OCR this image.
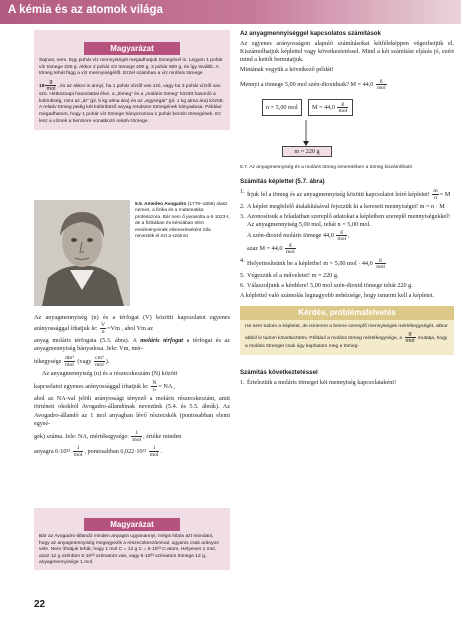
A kémia és az atomok világa
Magyarázat

Sajnos, nem. Egy pohár víz mennyiségét megadhatjuk tömegével is. Legyen 1 pohár víz tömege 200 g. Akkor 2 pohár víz tömege 400 g, 3 pohár 600 g, és így tovább. A tömeg tehát függ a víz mennyiségétől. Ezzel számban a víz moláris tömege

$18 \frac{g}{\text{mol}}$ , és az akkor is annyi, ha 1 pohár vízről van szó, vagy ha 3 pohár vízről van szó. Hétköznapi hasonlattal élve, a „tömeg” és a „moláris tömeg” között hasonló a különbség, mint az „ár” (pl. 5 kg alma ára) és az „egységár” (pl. 1 kg alma ára) között. A relatív tömeg pedig két különböző anyag rendszer tömegének hányadosa. Például megadhatom, hogy 1 pohár víz tömege hányszorosa 1 pohár benzin tömegének. Ez lesz a víznek a benzinre vonatkozó relatív tömege.

5.5. Amedeo Avogadro (1776–1856) olasz nemes, a fizika és a matematika professzora. Bár nem ő javasolta a 6·1023-t, de a fizikában és kémiában elért eredményeinek elismeréseként róla nevezték el ezt a számot
Az anyagmennyiség (n) és a térfogat (V) közötti kapcsolatot egyenes arányossággal írhatjuk le: $\frac{V}{n} =Vm$ , ahol Vm az
anyag moláris térfogata (5.3. ábra). A moláris térfogat a térfogat és az anyagmennyiség hányadosa. Jele: Vm, mér-
tékegysége $\frac{\text{dm³}}{\text{mol}}$ (vagy $\frac{\text{cm³}}{\text{mol}}$ ).
Az anyagmennyiség (n) és a részecskeszám (N) között
kapcsolatot egyenes arányossággal írhatjuk le: $\frac{N}{n}$ = NA ,
ahol az NA-val jelölt arányossági tényező a moláris részecskeszám, amit történeti okokból Avogadro-állandónak nevezünk (5.4. és 5.5. ábrák). Az Avogadro-állandó az 1 mol anyagban lévő részecskék (pontosabban elemi egysé-
gek) száma. Jele: NA, mértékegysége: $\frac{1}{\text{mol}}$ , értéke minden
anyagra $6\cdot 10^{23} \frac{1}{\text{mol}}$ , pontosabban $6,022\cdot 10^{23} \frac{1}{\text{mol}}$ .
Magyarázat
Bár az Avogadro-állandó minden anyagra ugyanannyi, mégis hibás azt mondani, hogy az anyagmennyiség megegyezik a részecskeszámmal, ugyanis csak arányos vele. Nem írhatjuk tehát, hogy 1 mol C = 12 g C = 6·10²³ C-atom. Helyesen 1 mol, azaz 12 g szénben 6·10²³ szénatom van, vagy 6·10²³ szénatom tömege 12 g, anyagmennyisége 1 mol.
Az anyagmennyiséggel kapcsolatos számítások
Az egyenes arányosságon alapuló számításokat kétféleképpen végezhetjük el. Kiszámolhatjuk képlettel vagy következtetéssel. Mind a két számítást eljárás jó, ezért mind a kettőt bemutatjuk.
Mintának vegyük a következő példát!
Mennyi a tömege 5,00 mol szén-dioxidnak? $M = 44,0 \frac{g}{\text{mol}}$
n = 5,00 mol	$M = 44,0 \frac{g}{\text{mol}}$
m = 220 g
5.7. Az anyagmennyiség és a moláris tömeg ismeretében a tömeg kiszámítható
Számítás képlettel (5.7. ábra)
1. Írjuk fel a tömeg és az anyagmennyiség közötti kapcsolatot leíró képletet! $\frac{m}{n} = M$
2. A képlet megfelelő átalakításával fejezzük ki a keresett mennyiséget! m = n · M
3. Azonosítsuk a feladatban szereplő adatokat a képletben szereplő mennyiségekkel!
Az anyagmennyiség 5,00 mol, tehát n = 5,00 mol.
A szén-dioxid moláris tömege $44,0 \frac{g}{\text{mol}}$ ,
azaz $M = 44,0 \frac{g}{\text{mol}}$
4. Helyettesítsünk be a képletbe! m = 5,00 mol · $44,0 \frac{g}{\text{mol}}$
5. Végezzük el a műveletet! m = 220 g.
6. Válaszoljunk a kérdésre! 5,00 mol szén-dioxid tömege tehát 220 g.
A képlettel való számolás legnagyobb nehézsége, hogy ismerni kell a képletet.
Kérdés, problémafelvetés
Ha nem tudom a képletet, de ismerem a benne szereplő mennyiségek mértékegységét, akkor abból ki tudom következtetni. Például a moláris tömeg mértékegysége, a $\frac{g}{\text{mol}}$ mutatja, hogy a moláris tömeget csak úgy kaphatom meg a tömeg-
Számítás következtetéssel
1. Érteleztük a moláris tömeget két mennyiség kapcsolataként!
22
